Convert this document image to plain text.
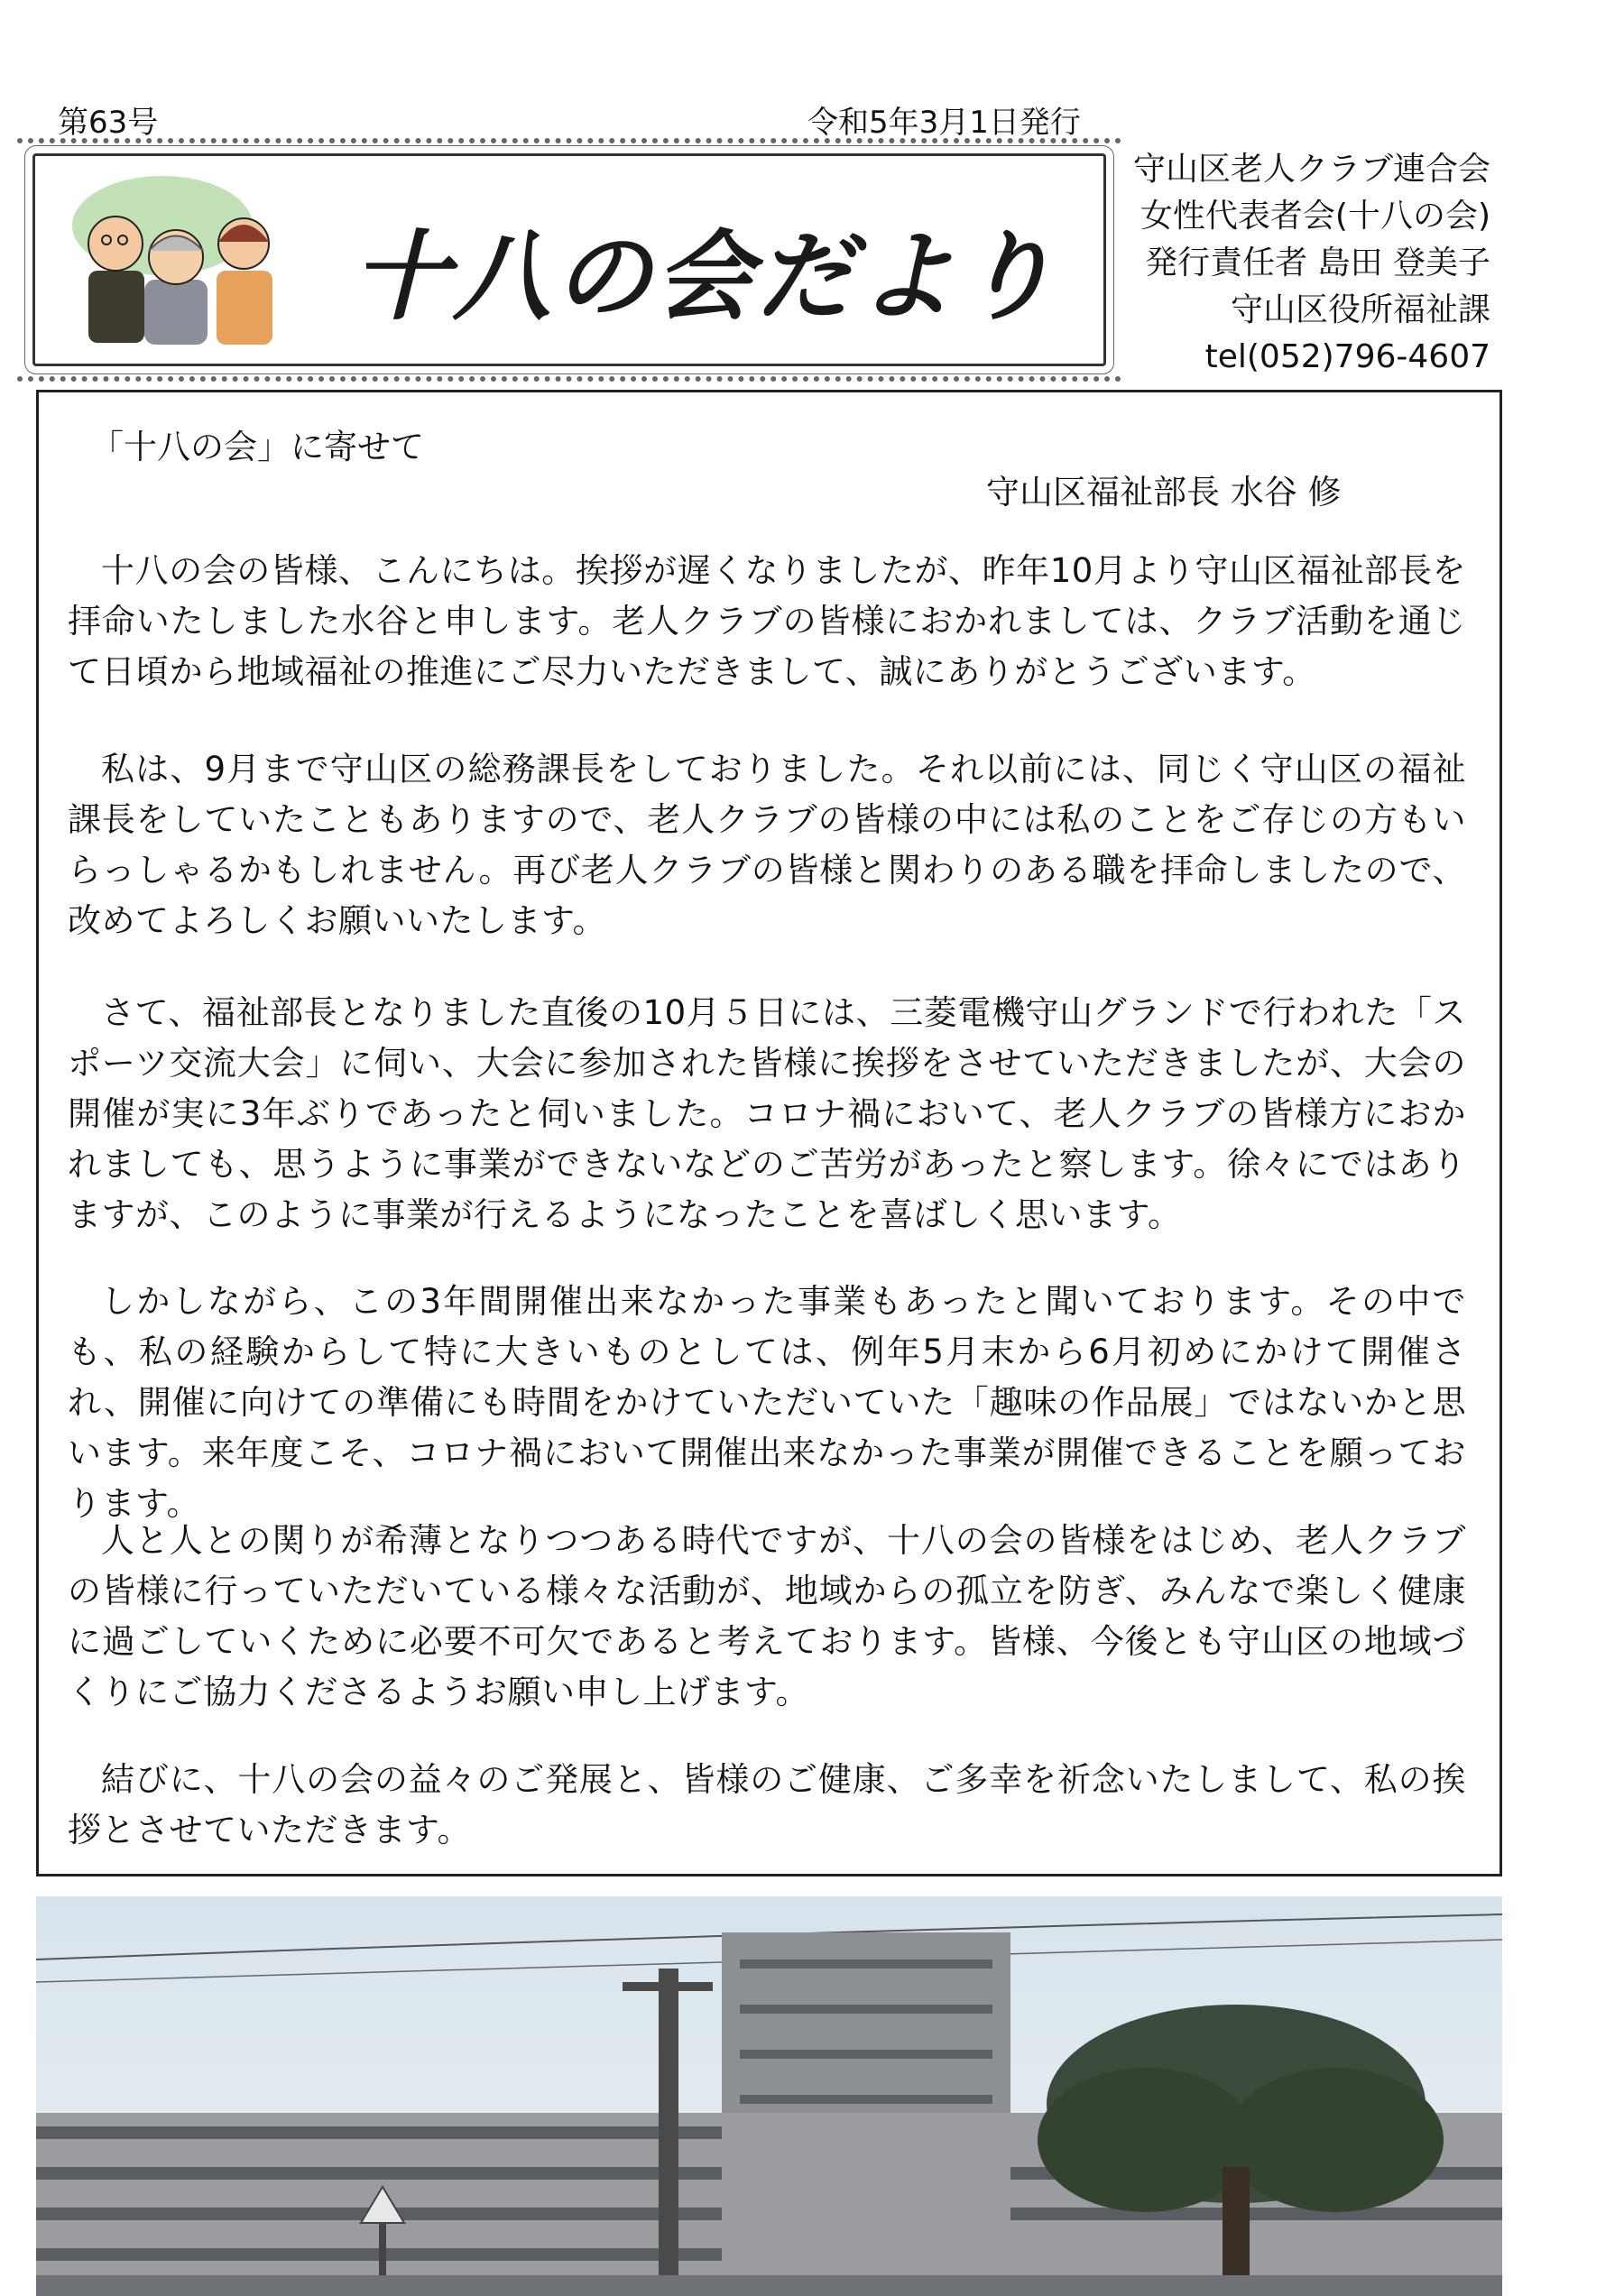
第63号	令和5年3月1日発行
十八の会だより
守山区老人クラブ連合会
女性代表者会(十八の会)
発行責任者 島田 登美子
守山区役所福祉課
tel(052)796-4607
「十八の会」に寄せて
守山区福祉部長 水谷 修

十八の会の皆様、こんにちは。挨拶が遅くなりましたが、昨年10月より守山区福祉部長を拝命いたしました水谷と申します。老人クラブの皆様におかれましては、クラブ活動を通じて日頃から地域福祉の推進にご尽力いただきまして、誠にありがとうございます。

私は、9月まで守山区の総務課長をしておりました。それ以前には、同じく守山区の福祉課長をしていたこともありますので、老人クラブの皆様の中には私のことをご存じの方もいらっしゃるかもしれません。再び老人クラブの皆様と関わりのある職を拝命しましたので、改めてよろしくお願いいたします。

さて、福祉部長となりました直後の10月５日には、三菱電機守山グランドで行われた「スポーツ交流大会」に伺い、大会に参加された皆様に挨拶をさせていただきましたが、大会の開催が実に3年ぶりであったと伺いました。コロナ禍において、老人クラブの皆様方におかれましても、思うように事業ができないなどのご苦労があったと察します。徐々にではありますが、このように事業が行えるようになったことを喜ばしく思います。

しかしながら、この3年間開催出来なかった事業もあったと聞いております。その中でも、私の経験からして特に大きいものとしては、例年5月末から6月初めにかけて開催され、開催に向けての準備にも時間をかけていただいていた「趣味の作品展」ではないかと思います。来年度こそ、コロナ禍において開催出来なかった事業が開催できることを願っております。

人と人との関りが希薄となりつつある時代ですが、十八の会の皆様をはじめ、老人クラブの皆様に行っていただいている様々な活動が、地域からの孤立を防ぎ、みんなで楽しく健康に過ごしていくために必要不可欠であると考えております。皆様、今後とも守山区の地域づくりにご協力くださるようお願い申し上げます。

結びに、十八の会の益々のご発展と、皆様のご健康、ご多幸を祈念いたしまして、私の挨拶とさせていただきます。
